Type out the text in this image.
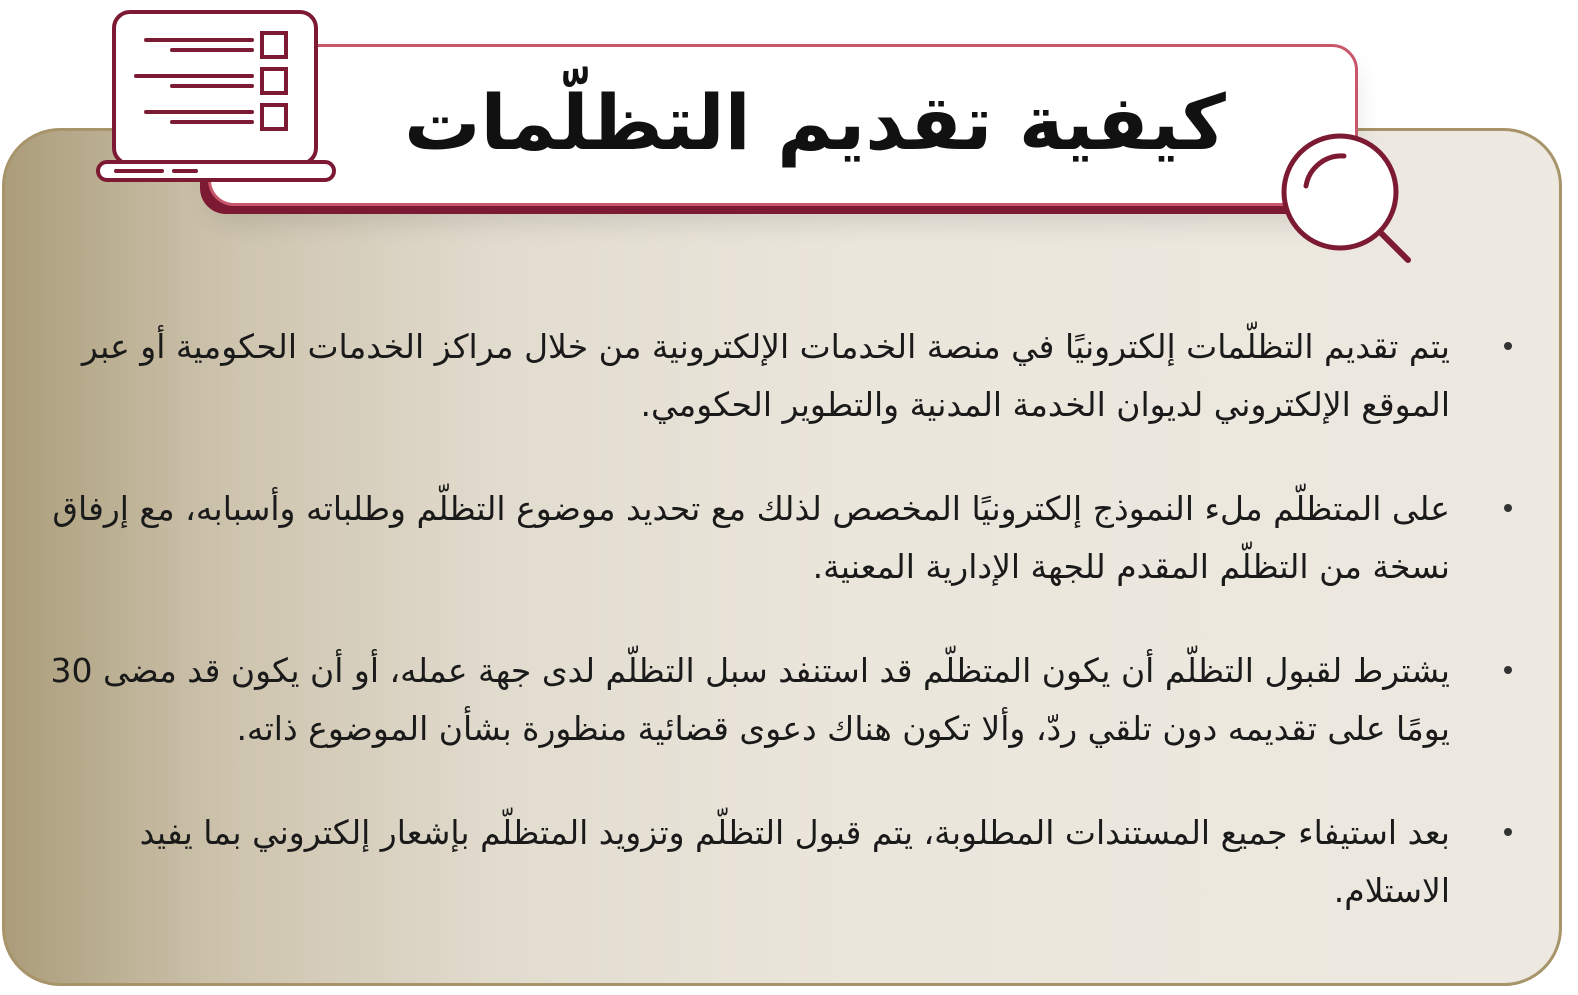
كيفية تقديم التظلّمات
يتم تقديم التظلّمات إلكترونيًا في منصة الخدمات الإلكترونية من خلال مراكز الخدمات الحكومية أو عبر الموقع الإلكتروني لديوان الخدمة المدنية والتطوير الحكومي.
على المتظلّم ملء النموذج إلكترونيًا المخصص لذلك مع تحديد موضوع التظلّم وطلباته وأسبابه، مع إرفاق نسخة من التظلّم المقدم للجهة الإدارية المعنية.
يشترط لقبول التظلّم أن يكون المتظلّم قد استنفد سبل التظلّم لدى جهة عمله، أو أن يكون قد مضى 30 يومًا على تقديمه دون تلقي ردّ، وألا تكون هناك دعوى قضائية منظورة بشأن الموضوع ذاته.
بعد استيفاء جميع المستندات المطلوبة، يتم قبول التظلّم وتزويد المتظلّم بإشعار إلكتروني بما يفيد الاستلام.
